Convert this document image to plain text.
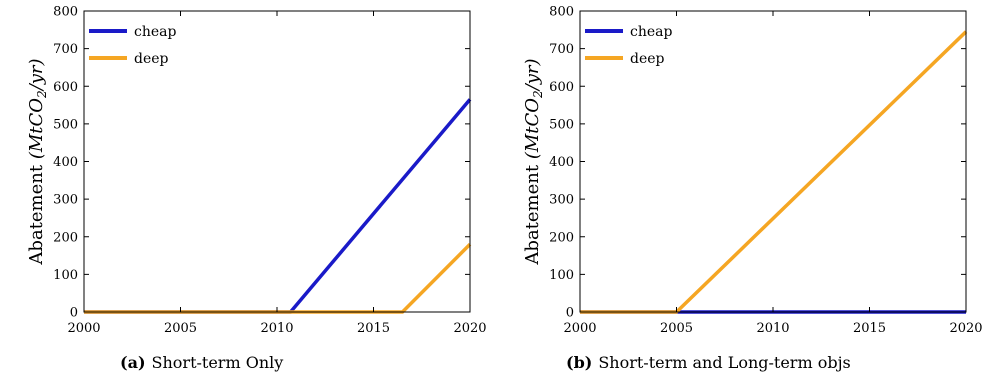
2000	2005	2010	2015	2020
0
100
200
300
400
500
600
700
800
Abatement (MtCO$_2$/yr)
cheap
deep
(a) Short-term Only
2000	2005	2010	2015	2020
0
100
200
300
400
500
600
700
800
Abatement (MtCO$_2$/yr)
cheap
deep
(b) Short-term and Long-term objs
